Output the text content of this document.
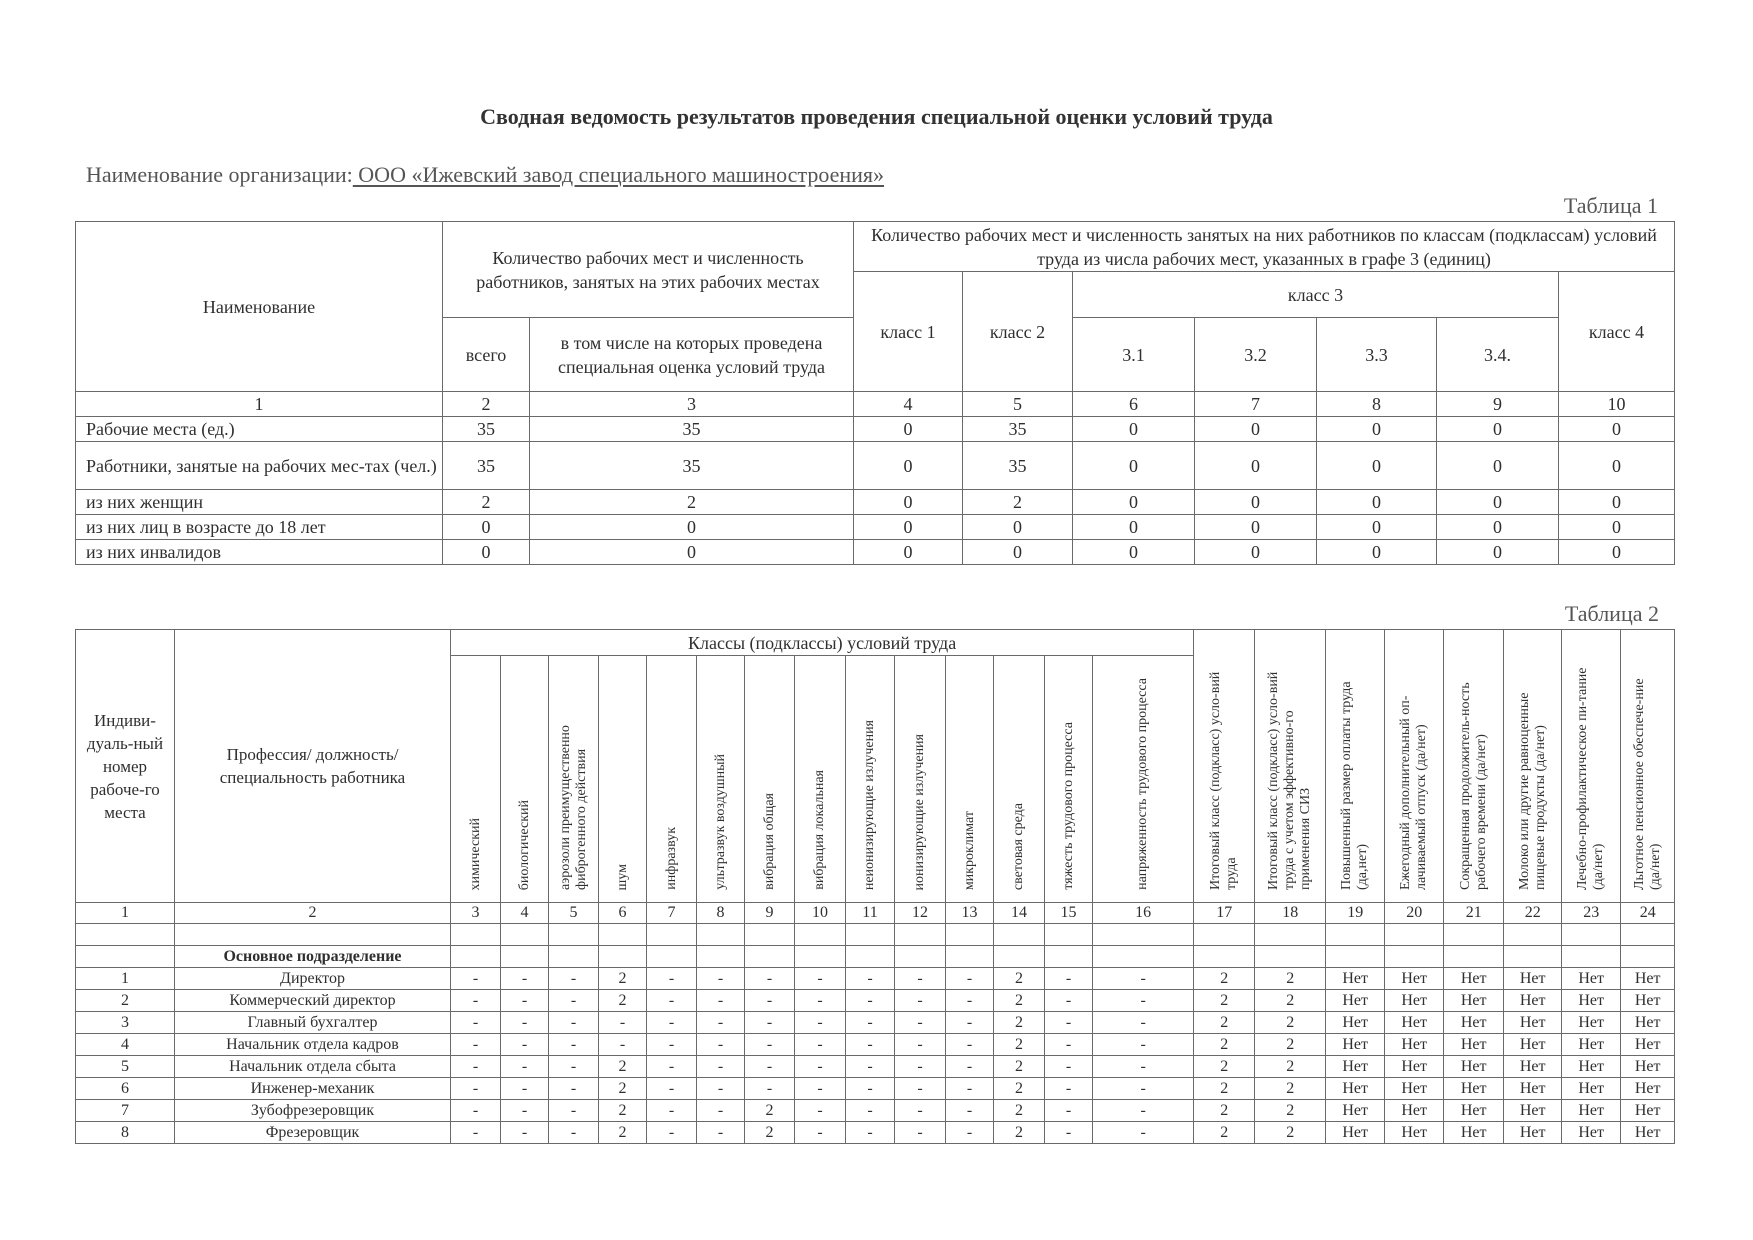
Сводная ведомость результатов проведения специальной оценки условий труда
Наименование организации: ООО «Ижевский завод специального машиностроения»
Таблица 1
Наименование	Количество рабочих мест и численность работников, занятых на этих рабочих местах		Количество рабочих мест и численность занятых на них работников по классам (подклассам) условий труда из числа рабочих мест, указанных в графе 3 (единиц)						
			класс 1	класс 2	класс 3				класс 4
	всего	в том числе на которых проведена специальная оценка условий труда			3.1	3.2	3.3	3.4.	
1	2	3	4	5	6	7	8	9	10
Рабочие места (ед.)	35	35	0	35	0	0	0	0	0
Работники, занятые на рабочих мес-тах (чел.)	35	35	0	35	0	0	0	0	0
из них женщин	2	2	0	2	0	0	0	0	0
из них лиц в возрасте до 18 лет	0	0	0	0	0	0	0	0	0
из них инвалидов	0	0	0	0	0	0	0	0	0
Таблица 2
Индиви-дуаль-ный номер рабоче-го места	Профессия/ должность/ специальность работника	Классы (подклассы) условий труда														Итоговый класс (подкласс) усло-вий труда	Итоговый класс (подкласс) усло-вий труда с учетом эффективно-го применения СИЗ	Повышенный размер оплаты труда (да,нет)	Ежегодный дополнительный оп-лачиваемый отпуск (да/нет)	Сокращенная продолжитель-ность рабочего времени (да/нет)	Молоко или другие равноценные пищевые продукты (да/нет)	Лечебно-профилактическое пи-тание (да/нет)	Льготное пенсионное обеспече-ние (да/нет)
		химический	биологический	аэрозоли преимущественно фиброгенного действия	шум	инфразвук	ультразвук воздушный	вибрация общая	вибрация локальная	неионизирующие излучения	ионизирующие излучения	микроклимат	световая среда	тяжесть трудового процесса	напряженность трудового процесса								
1	2	3	4	5	6	7	8	9	10	11	12	13	14	15	16	17	18	19	20	21	22	23	24

	Основное подразделение																						
1	Директор	-	-	-	2	-	-	-	-	-	-	-	2	-	-	2	2	Нет	Нет	Нет	Нет	Нет	Нет
2	Коммерческий директор	-	-	-	2	-	-	-	-	-	-	-	2	-	-	2	2	Нет	Нет	Нет	Нет	Нет	Нет
3	Главный бухгалтер	-	-	-	-	-	-	-	-	-	-	-	2	-	-	2	2	Нет	Нет	Нет	Нет	Нет	Нет
4	Начальник отдела кадров	-	-	-	-	-	-	-	-	-	-	-	2	-	-	2	2	Нет	Нет	Нет	Нет	Нет	Нет
5	Начальник отдела сбыта	-	-	-	2	-	-	-	-	-	-	-	2	-	-	2	2	Нет	Нет	Нет	Нет	Нет	Нет
6	Инженер-механик	-	-	-	2	-	-	-	-	-	-	-	2	-	-	2	2	Нет	Нет	Нет	Нет	Нет	Нет
7	Зубофрезеровщик	-	-	-	2	-	-	2	-	-	-	-	2	-	-	2	2	Нет	Нет	Нет	Нет	Нет	Нет
8	Фрезеровщик	-	-	-	2	-	-	2	-	-	-	-	2	-	-	2	2	Нет	Нет	Нет	Нет	Нет	Нет
